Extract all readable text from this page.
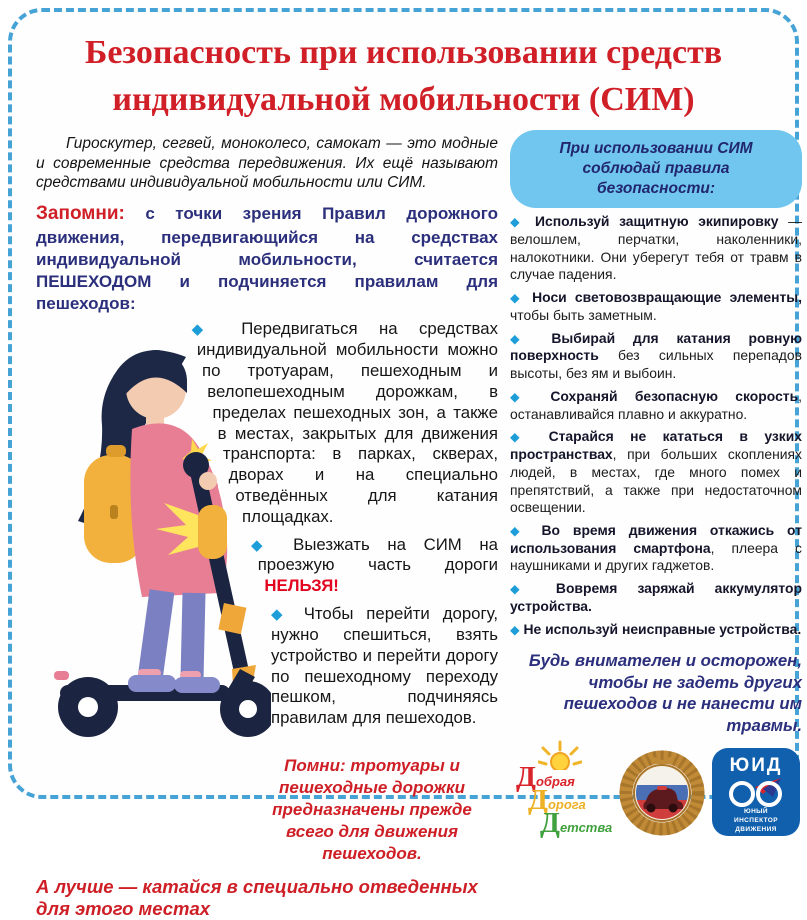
Безопасность при использовании средств индивидуальной мобильности (СИМ)
Гироскутер, сегвей, моноколесо, самокат — это модные и современные средства передвижения. Их ещё называют средствами индивидуальной мобильности или СИМ.
Запомни: с точки зрения Правил дорожного движения, передвигающийся на средствах индивидуальной мобильности, считается ПЕШЕХОДОМ и подчиняется правилам для пешеходов:

◆ Передвигаться на средствах индивидуальной мобильности можно по тротуарам, пешеходным и велопешеходным дорожкам, в пределах пешеходных зон, а также в местах, закрытых для движения транспорта: в парках, скверах, дворах и на специально отведённых для катания площадках.

◆ Выезжать на СИМ на проезжую часть дороги НЕЛЬЗЯ!

◆ Чтобы перейти дорогу, нужно спешиться, взять устройство и перейти дорогу по пешеходному переходу пешком, подчиняясь правилам для пешеходов.

Помни: тротуары и пешеходные дорожки предназначены прежде всего для движения пешеходов.
А лучше — катайся в специально отведенных для этого местах
При использовании СИМ соблюдай правила безопасности:

◆ Используй защитную экипировку — велошлем, перчатки, наколенники, налокотники. Они уберегут тебя от травм в случае падения.

◆ Носи световозвращающие элементы, чтобы быть заметным.

◆ Выбирай для катания ровную поверхность без сильных перепадов высоты, без ям и выбоин.

◆ Сохраняй безопасную скорость, останавливайся плавно и аккуратно.

◆ Старайся не кататься в узких пространствах, при больших скоплениях людей, в местах, где много помех и препятствий, а также при недостаточном освещении.

◆ Во время движения откажись от использования смартфона, плеера с наушниками и других гаджетов.

◆ Вовремя заряжай аккумулятор устройства.

◆ Не используй неисправные устройства.

Будь внимателен и осторожен, чтобы не задеть других пешеходов и не нанести им травмы.
Д обрая
Д орога
Д етства
ЮИД
ЮНЫЙ ИНСПЕКТОР ДВИЖЕНИЯ
